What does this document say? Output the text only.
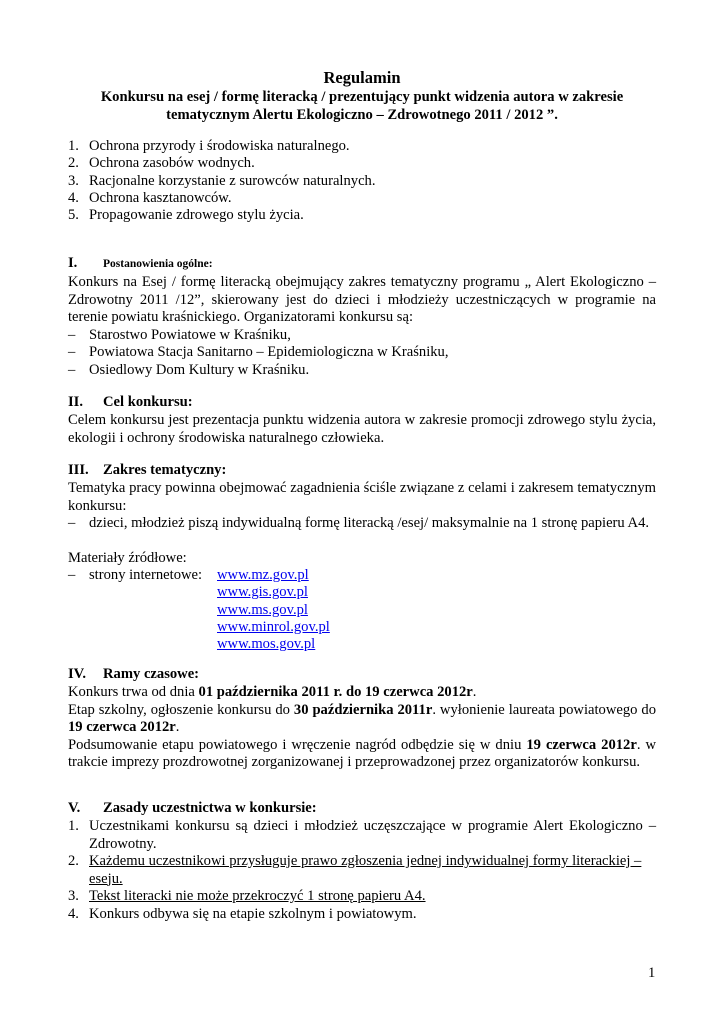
Regulamin
Konkursu na esej / formę literacką / prezentujący punkt widzenia autora w zakresie
tematycznym Alertu Ekologiczno – Zdrowotnego 2011 / 2012 ”.
1. Ochrona przyrody i środowiska naturalnego.
2. Ochrona zasobów wodnych.
3. Racjonalne korzystanie z surowców naturalnych.
4. Ochrona kasztanowców.
5. Propagowanie zdrowego stylu życia.
I. Postanowienia ogólne:
Konkurs na Esej / formę literacką obejmujący zakres tematyczny programu „ Alert Ekologiczno – Zdrowotny 2011 /12”, skierowany jest do dzieci i młodzieży uczestniczących w programie na terenie powiatu kraśnickiego. Organizatorami konkursu są:
– Starostwo Powiatowe w Kraśniku,
– Powiatowa Stacja Sanitarno – Epidemiologiczna w Kraśniku,
– Osiedlowy Dom Kultury w Kraśniku.
II. Cel konkursu:
Celem konkursu jest prezentacja punktu widzenia autora w zakresie promocji zdrowego stylu życia, ekologii i ochrony środowiska naturalnego człowieka.
III. Zakres tematyczny:
Tematyka pracy powinna obejmować zagadnienia ściśle związane z celami i zakresem tematycznym konkursu:
– dzieci, młodzież piszą indywidualną formę literacką /esej/ maksymalnie na 1 stronę papieru A4.
Materiały źródłowe:
– strony internetowe: www.mz.gov.pl
www.gis.gov.pl
www.ms.gov.pl
www.minrol.gov.pl
www.mos.gov.pl
IV. Ramy czasowe:
Konkurs trwa od dnia 01 października 2011 r. do 19 czerwca 2012r.
Etap szkolny, ogłoszenie konkursu do 30 października 2011r. wyłonienie laureata powiatowego do 19 czerwca 2012r.
Podsumowanie etapu powiatowego i wręczenie nagród odbędzie się w dniu 19 czerwca 2012r. w trakcie imprezy prozdrowotnej zorganizowanej i przeprowadzonej przez organizatorów konkursu.
V. Zasady uczestnictwa w konkursie:
1. Uczestnikami konkursu są dzieci i młodzież uczęszczające w programie Alert Ekologiczno – Zdrowotny.
2. Każdemu uczestnikowi przysługuje prawo zgłoszenia jednej indywidualnej formy literackiej – eseju.
3. Tekst literacki nie może przekroczyć 1 stronę papieru A4.
4. Konkurs odbywa się na etapie szkolnym i powiatowym.
1
